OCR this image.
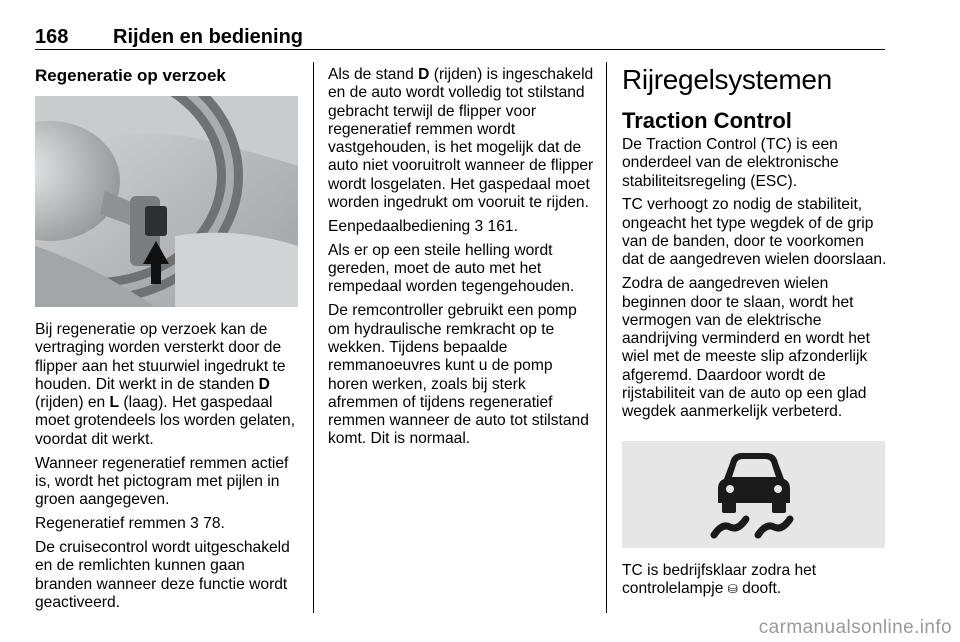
168 Rijden en bediening
Regeneratie op verzoek

Bij regeneratie op verzoek kan de vertraging worden versterkt door de flipper aan het stuurwiel ingedrukt te houden. Dit werkt in de standen D (rijden) en L (laag). Het gaspedaal moet grotendeels los worden gelaten, voordat dit werkt.

Wanneer regeneratief remmen actief is, wordt het pictogram met pijlen in groen aangegeven.

Regeneratief remmen 3 78.

De cruisecontrol wordt uitgeschakeld en de remlichten kunnen gaan branden wanneer deze functie wordt geactiveerd.

Als de stand D (rijden) is ingeschakeld en de auto wordt volledig tot stilstand gebracht terwijl de flipper voor regeneratief remmen wordt vastgehouden, is het mogelijk dat de auto niet vooruitrolt wanneer de flipper wordt losgelaten. Het gaspedaal moet worden ingedrukt om vooruit te rijden.

Eenpedaalbediening 3 161.

Als er op een steile helling wordt gereden, moet de auto met het rempedaal worden tegengehouden.

De remcontroller gebruikt een pomp om hydraulische remkracht op te wekken. Tijdens bepaalde remmanoeuvres kunt u de pomp horen werken, zoals bij sterk afremmen of tijdens regeneratief remmen wanneer de auto tot stilstand komt. Dit is normaal.

Rijregelsystemen
Traction Control

De Traction Control (TC) is een onderdeel van de elektronische stabiliteitsregeling (ESC).

TC verhoogt zo nodig de stabiliteit, ongeacht het type wegdek of de grip van de banden, door te voorkomen dat de aangedreven wielen doorslaan.

Zodra de aangedreven wielen beginnen door te slaan, wordt het vermogen van de elektrische aandrijving verminderd en wordt het wiel met de meeste slip afzonderlijk afgeremd. Daardoor wordt de rijstabiliteit van de auto op een glad wegdek aanmerkelijk verbeterd.

TC is bedrijfsklaar zodra het controlelampje ⛁ dooft.

carmanualsonline.info
